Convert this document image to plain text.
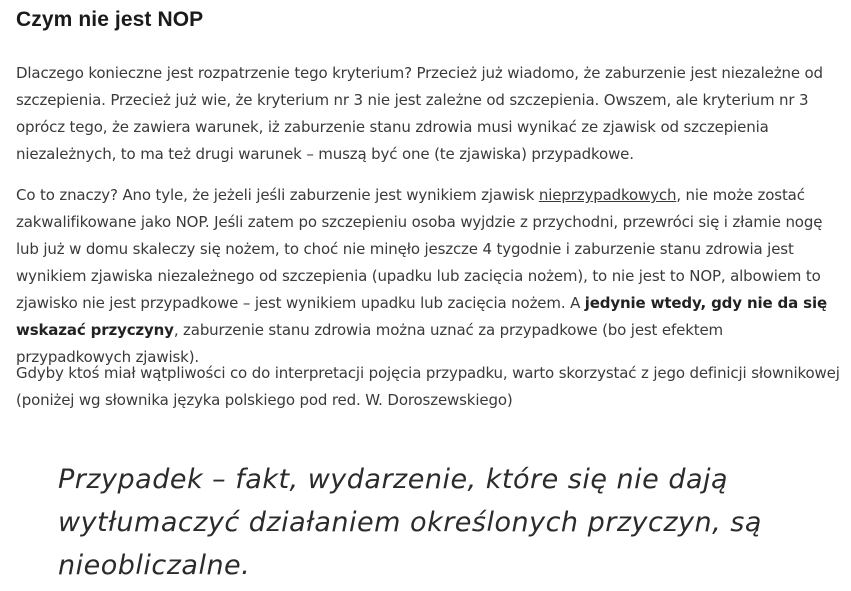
Czym nie jest NOP

Dlaczego konieczne jest rozpatrzenie tego kryterium? Przecież już wiadomo, że zaburzenie jest niezależne od szczepienia. Przecież już wie, że kryterium nr 3 nie jest zależne od szczepienia. Owszem, ale kryterium nr 3 oprócz tego, że zawiera warunek, iż zaburzenie stanu zdrowia musi wynikać ze zjawisk od szczepienia niezależnych, to ma też drugi warunek – muszą być one (te zjawiska) przypadkowe.

Co to znaczy? Ano tyle, że jeżeli jeśli zaburzenie jest wynikiem zjawisk nieprzypadkowych, nie może zostać zakwalifikowane jako NOP. Jeśli zatem po szczepieniu osoba wyjdzie z przychodni, przewróci się i złamie nogę lub już w domu skaleczy się nożem, to choć nie minęło jeszcze 4 tygodnie i zaburzenie stanu zdrowia jest wynikiem zjawiska niezależnego od szczepienia (upadku lub zacięcia nożem), to nie jest to NOP, albowiem to zjawisko nie jest przypadkowe – jest wynikiem upadku lub zacięcia nożem. A jedynie wtedy, gdy nie da się wskazać przyczyny, zaburzenie stanu zdrowia można uznać za przypadkowe (bo jest efektem przypadkowych zjawisk).

Gdyby ktoś miał wątpliwości co do interpretacji pojęcia przypadku, warto skorzystać z jego definicji słownikowej (poniżej wg słownika języka polskiego pod red. W. Doroszewskiego)

Przypadek – fakt, wydarzenie, które się nie dają wytłumaczyć działaniem określonych przyczyn, są nieobliczalne.
